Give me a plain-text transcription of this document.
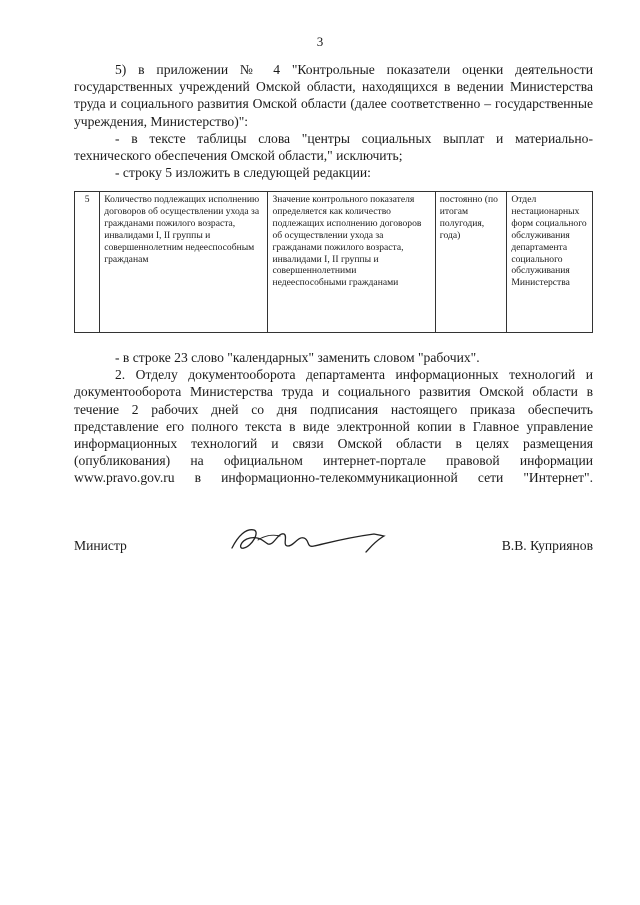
3

5) в приложении № 4 "Контрольные показатели оценки деятельности государственных учреждений Омской области, находящихся в ведении Министерства труда и социального развития Омской области (далее соответственно – государственные учреждения, Министерство)":

- в тексте таблицы слова "центры социальных выплат и материально-технического обеспечения Омской области," исключить;

- строку 5 изложить в следующей редакции:

5	Количество подлежащих исполнению договоров об осуществлении ухода за гражданами пожилого возраста, инвалидами I, II группы и совершеннолетним недееспособным гражданам	Значение контрольного показателя определяется как количество подлежащих исполнению договоров об осуществлении ухода за гражданами пожилого возраста, инвалидами I, II группы и совершеннолетними недееспособными гражданами	постоянно (по итогам полугодия, года)	Отдел нестационарных форм социального обслуживания департамента социального обслуживания Министерства

- в строке 23 слово "календарных" заменить словом "рабочих".

2. Отделу документооборота департамента информационных технологий и документооборота Министерства труда и социального развития Омской области в течение 2 рабочих дней со дня подписания настоящего приказа обеспечить представление его полного текста в виде электронной копии в Главное управление информационных технологий и связи Омской области в целях размещения (опубликования) на официальном интернет-портале правовой информации www.pravo.gov.ru в информационно-телекоммуникационной сети "Интернет".

Министр	В.В. Куприянов
